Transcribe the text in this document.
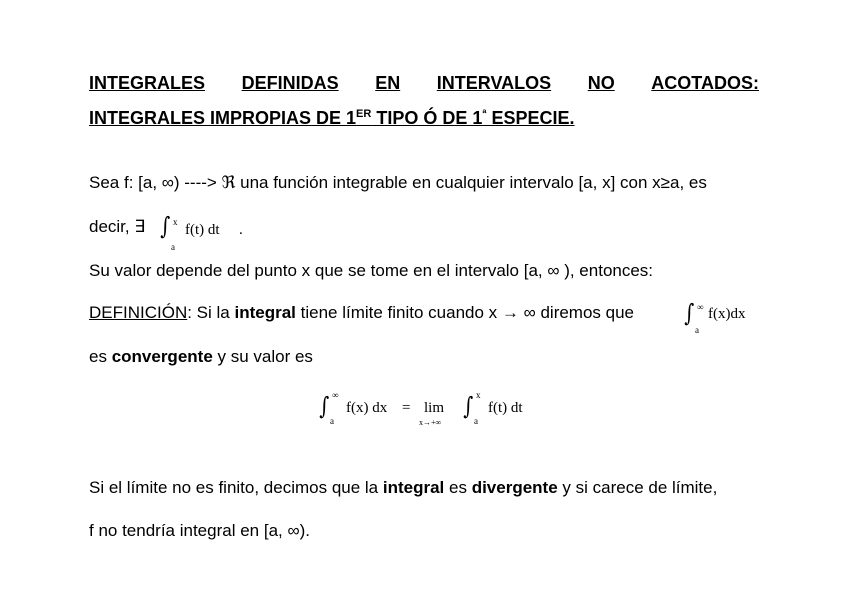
INTEGRALES DEFINIDAS EN INTERVALOS NO ACOTADOS:
INTEGRALES IMPROPIAS DE 1ER TIPO Ó DE $1^ª$ ESPECIE.
Sea f: [a, ∞) ----> ℜ una función integrable en cualquier intervalo [a, x] con x≥a, es
decir, ∃ ∫ x
a
f(t) dt .
Su valor depende del punto x que se tome en el intervalo [a, ∞ ), entonces:
DEFINICIÓN: Si la integral tiene límite finito cuando x → ∞ diremos que ∫ ∞
a
f(x)dx
es convergente y su valor es
∫ ∞
a
f(x) dx = lim
x→+∞
∫ x
a
f(t) dt
Si el límite no es finito, decimos que la integral es divergente y si carece de límite,
f no tendría integral en [a, ∞).
